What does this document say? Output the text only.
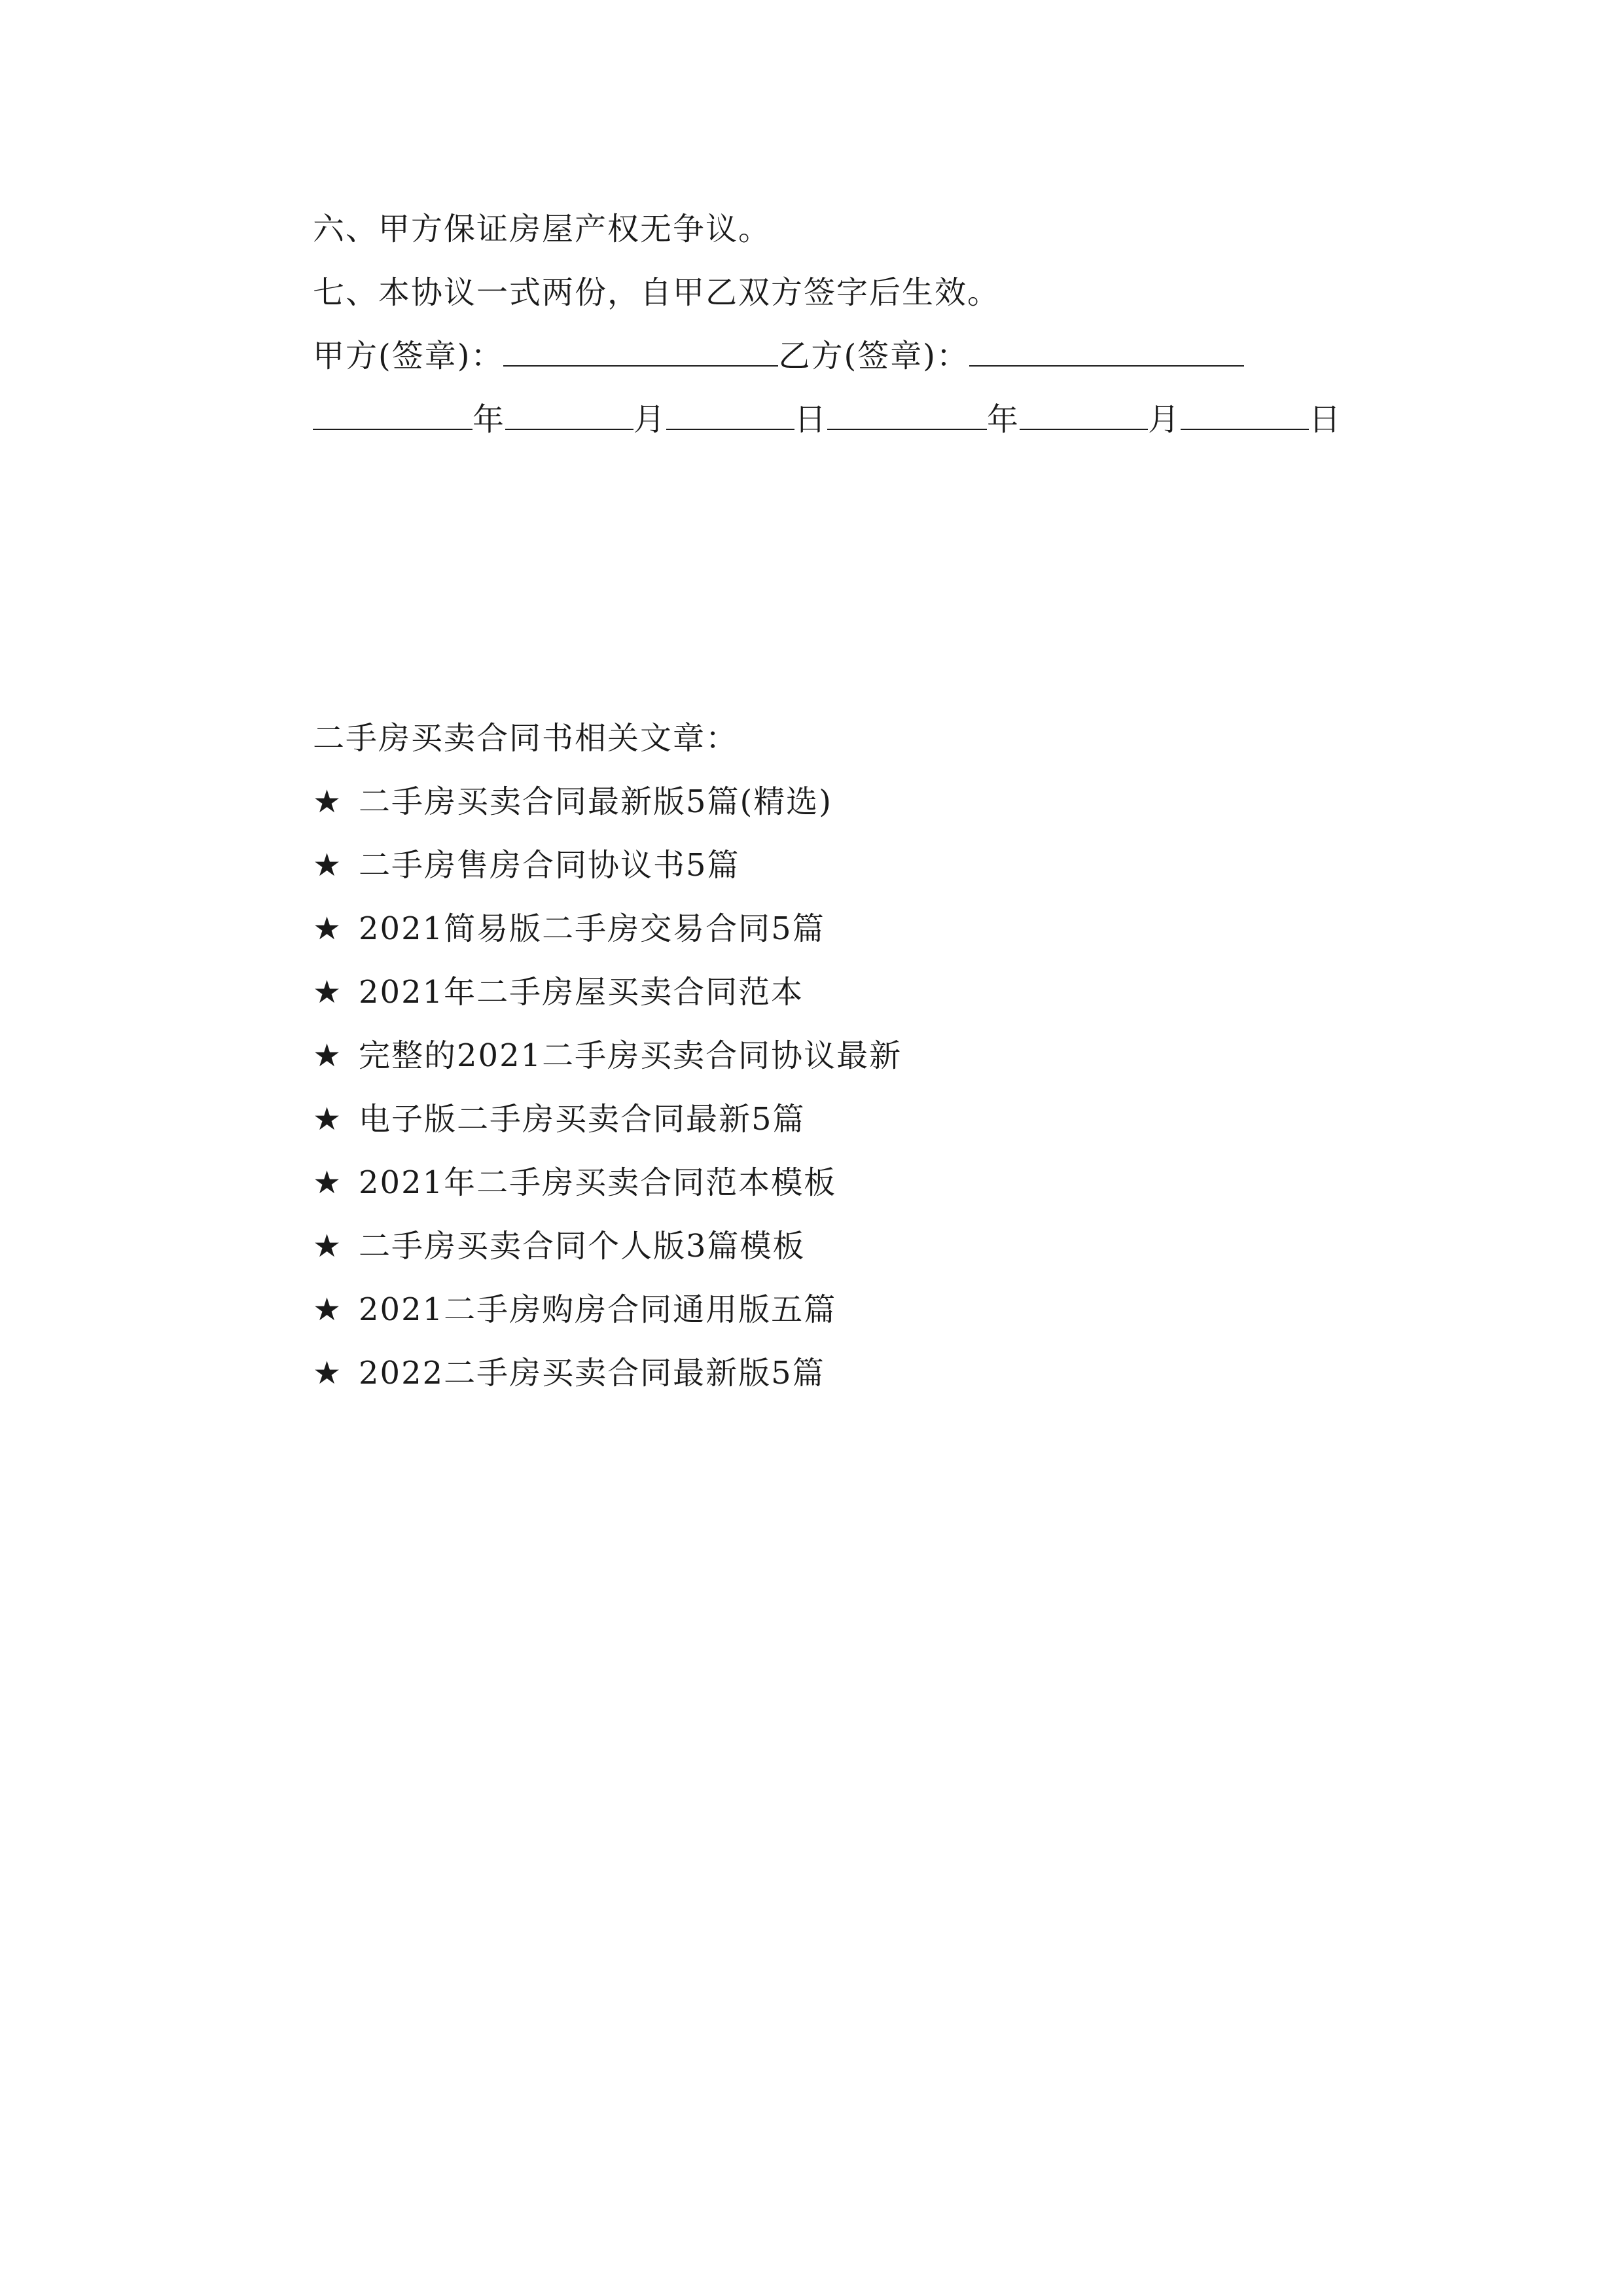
六、甲方保证房屋产权无争议。
七、本协议一式两份，自甲乙双方签字后生效。
甲方(签章)：	乙方(签章)：
年	月	日	年	月	日
二手房买卖合同书相关文章：
★ 二手房买卖合同最新版5篇(精选)
★ 二手房售房合同协议书5篇
★ 2021简易版二手房交易合同5篇
★ 2021年二手房屋买卖合同范本
★ 完整的2021二手房买卖合同协议最新
★ 电子版二手房买卖合同最新5篇
★ 2021年二手房买卖合同范本模板
★ 二手房买卖合同个人版3篇模板
★ 2021二手房购房合同通用版五篇
★ 2022二手房买卖合同最新版5篇
